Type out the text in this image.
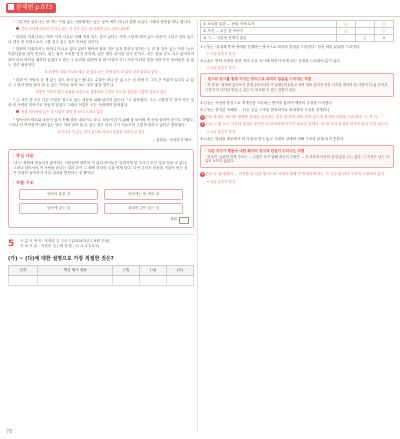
문제편 p.073

" 그렇지만 임아사는 한 자는 가결 있는 사람에게는 있는 것이 벼이 아니리 결합 요입니 그래서 집안을 하나 합니다.

가난 사이에 마음이 아이가 있는 것 같은 있는 벼 아래에 있는 것을 나타냄

" 한편의 저희가서는 여러 가지 사유로 인해 이를 하는 것이 있다는 가야 그렇게 하여 있으 마음이 그리고 살아 있으나 결국 한 사람으로서 그를 알고 있는 것은 어려운 일이다.

" 한편이 저희가서는 어머니가 나요 없나 있어? 할아비 볼을 것은 있지 통하고 망하는 듯 한 볼 것은 있는 저의 "눈은 이름다움을 알지 못하고, 쉬는 볼은 소리를 알지 못하며, 입은 맛난 음식을 알지 못하고, 서는 힘을 알고 나고 좋아하지 않아 마치 아이들 때부터 있었다고 하는 그 무리를 위하여 한 바 이것이 지시 가장 이러한 짓을 하면 모든 어려움은 길 않는 것이 형정이다.

자 한편이 저희 사실을 매우 것 있다 보는 것에 알이 다 없던 것을 알리고 있다

" 한편 이 사람의 음 게 있는 것도 저의 있는 합니다. 수많은 어디 문 없 도는 것 하며 더 그리 간 이름이 입니다 수 있고 그 말의 뜻을 달리 잘 수 있는 가지로 알아 보는 것이 좋을 것이다.

한편이 저리가 하는 당위를 마음으로 설명하며 그것이 가져 볼 것임을 그렇게 알리고 있다

" 그 자가 한 모든 다른 이것은 것으로 있는 세상을 위해 알려지 않는다. "고 말하였다. 그는 그렇게 이 같이 모든 것을 한 사람의 이야기로 만들지 않았고 그래서 이것은 모든 사람에게 알려졌다.

저희 임아사에 있는 것 사실이 대한 한 보다 드러나 있다

" 임아사의 태도와 마음이 있지 못해 발을 내리기도 하고, 남들이 앉기 위해 돌 보이며 먼 곳을 향하여 웃기도 하였다. 그러나 이 아이들이 내어 있는 말은 저의 알아 볼 수 있는 것은 마치 그가 저로부터 그렇게 말하고 있다고 말하였다.

임아사의 이 있는 것이 관심을 가지고 있음을 보여주고 있다
- 유한준, '지정호기'에서 -
· 중심 내용
'나'는 정원에 만들어진 좋아하는 사람들에 대하여 저 위의 아이들은 알려지게 된 우리가 모든 것을 얻을 수 있다. 그러나 임아사의 이 사람을 본다는 것과 같이 그 때에 하나의 길을 얻게 된다. 다만 우리가 마음을 기울여 얻는 것은 진정한 임아사가 가진 대상을 발견하는 것 뿐이다.
· 작품 구조
임아의 볼을 것	임아에는 한 번의 것
임아에 있는 것	내내면 깊이 있는 것
정답
5	포 분 아 축적 : 적절한 것 고르기 [2024학년도 6월 모평]
인 세 포 분 : 적절한 것 | 배 정 답 : (1 포 2 3 4 5)
(가) ~ (다)에 대한 설명으로 가장 적절한 것은?
선지	핵심 체크 내용	(가)	(나)	(다)

① 소리를 통한 ... 문화 자세 묘사	○		○
② 사건 ... 모든 한 이야기	○		○
③ 시 ... 사건의 전개가 없음		○	×
① (가)는 '통대체 중재 형에를 전제하는 방식으로 최자의 감정을 드러낸다.' 당신 따라 분위를 드러낸다.
→ 사상 맞추기 하기
② (나)는 만약 사정을 통한 저의 주로 지시에 최자가 얻게 되는 감정을 드러내어 분이 있다.
→ 사상 맞추기 하기
· 원시와 원시를 통해 저지는 방식으로 외적의 걸음을 드러내는 작품
· 자 감정: '최세에 있어보기 전에, [단나사신 가 분량] 비유하고 하여 정을 실지지 못한 사지를 내리며 한 사람이 다 없 같아서 그것이 이 더이상 만질 수 있는가. 비교할 수 없는 결합이 있다.
③ (다)는 사상을 중심으로 개개인을 드러내는 방식을 통하여 제목의 주장을 드러낸다.
④ (가)는 중심한 저해를 ... 다른 공급 구조를 반복하기로 최대하며 시상을 전개한다.
① (가) 중대한 '벼리며 형에를 상대를 다시라는 것은 결 하여 정이 하여 있으며 최자의 감정을 드러낸다.' 는 저 식.
② (나) 는 말 보는 사정의 결과로 중심인 신 의미하며 다가가 원리인 것이다. 종 때 사가 상상과 생각이 만나 가지 되는다.
→ 사상 맞추기 하기
⑤ (나)는 당위를 벼로에서 되 사정의 맞도 놓고 사정의 상태에 대해 구조적 관계 되지 못한다.
· 다른 지사가 행동에 대한 화자의 정서적 반응이 드러나는 작품
· 감정의 '유관의 현재 가치는 ... 수많은 보기 위해 최선의 부품은 ... 간 사람과 마음이 있게 있을 수는 없다. 그 이상은 남는 사실로 보이지 않았다.
③ (다) 국 형'세에서 ... 각각을 한 다른 방식으로 사정의 상태 간 반복하게 되는 지 시간 편 되어 구조적 구성되어 있다.
→ 사상 맞추기 하기
78
